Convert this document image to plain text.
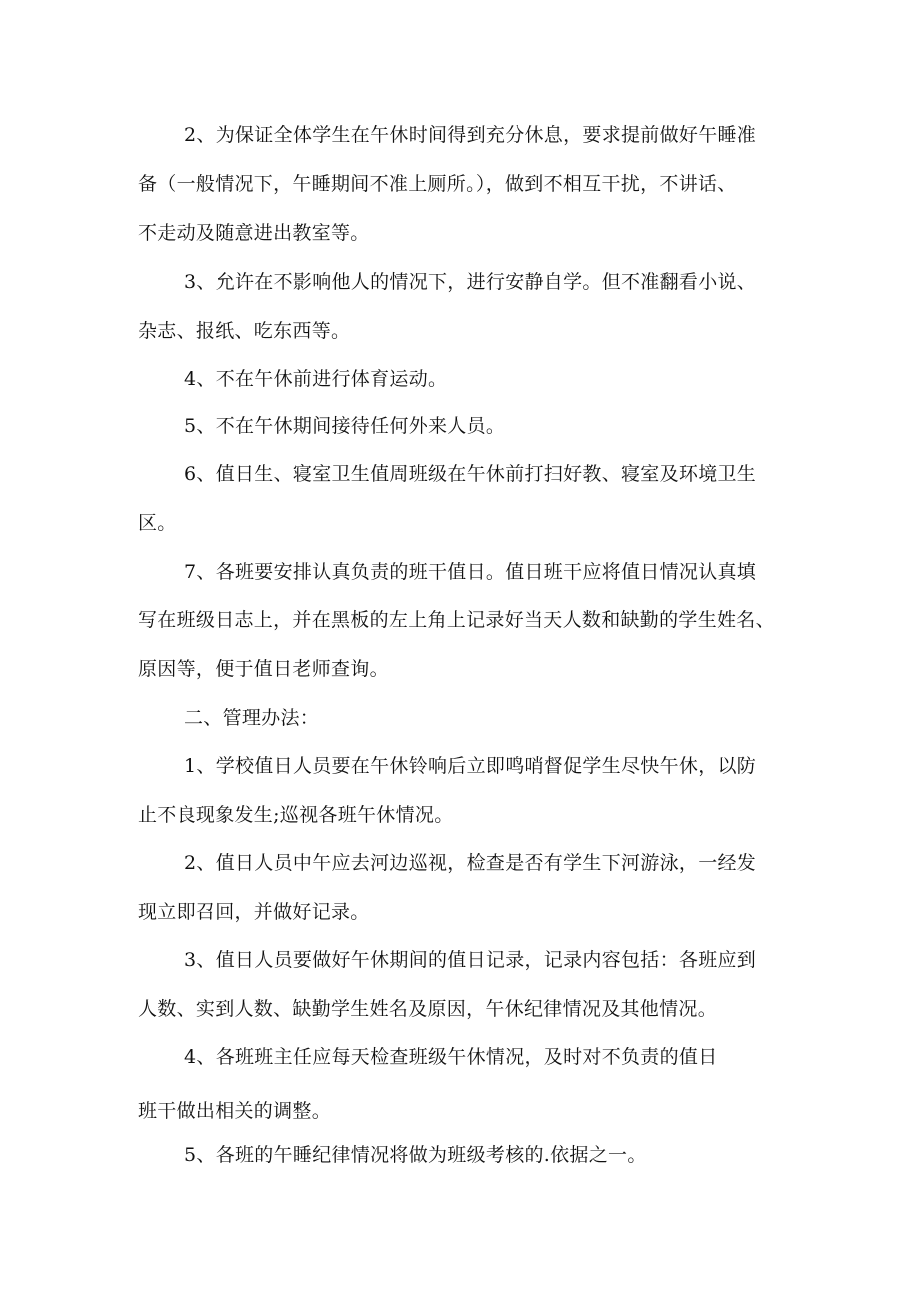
2、为保证全体学生在午休时间得到充分休息，要求提前做好午睡准
备（一般情况下，午睡期间不准上厕所。），做到不相互干扰，不讲话、
不走动及随意进出教室等。
3、允许在不影响他人的情况下，进行安静自学。但不准翻看小说、
杂志、报纸、吃东西等。
4、不在午休前进行体育运动。
5、不在午休期间接待任何外来人员。
6、值日生、寝室卫生值周班级在午休前打扫好教、寝室及环境卫生
区。
7、各班要安排认真负责的班干值日。值日班干应将值日情况认真填
写在班级日志上，并在黑板的左上角上记录好当天人数和缺勤的学生姓名、
原因等，便于值日老师查询。
二、管理办法：
1、学校值日人员要在午休铃响后立即鸣哨督促学生尽快午休，以防
止不良现象发生;巡视各班午休情况。
2、值日人员中午应去河边巡视，检查是否有学生下河游泳，一经发
现立即召回，并做好记录。
3、值日人员要做好午休期间的值日记录，记录内容包括：各班应到
人数、实到人数、缺勤学生姓名及原因，午休纪律情况及其他情况。
4、各班班主任应每天检查班级午休情况，及时对不负责的值日
班干做出相关的调整。
5、各班的午睡纪律情况将做为班级考核的.依据之一。
